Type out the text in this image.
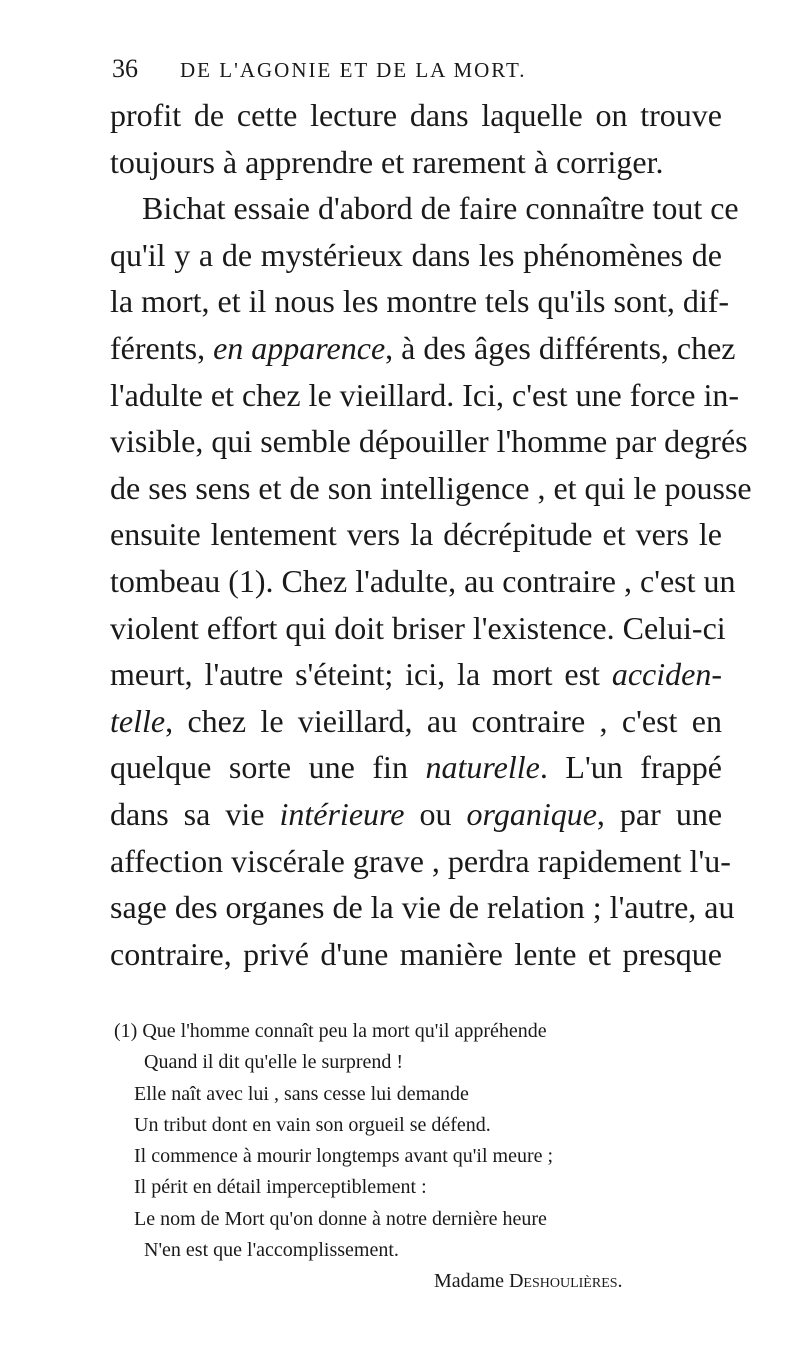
36 DE L'AGONIE ET DE LA MORT.
profit de cette lecture dans laquelle on trouve
toujours à apprendre et rarement à corriger.
Bichat essaie d'abord de faire connaître tout ce
qu'il y a de mystérieux dans les phénomènes de
la mort, et il nous les montre tels qu'ils sont, dif-
férents, en apparence, à des âges différents, chez
l'adulte et chez le vieillard. Ici, c'est une force in-
visible, qui semble dépouiller l'homme par degrés
de ses sens et de son intelligence , et qui le pousse
ensuite lentement vers la décrépitude et vers le
tombeau (1). Chez l'adulte, au contraire , c'est un
violent effort qui doit briser l'existence. Celui-ci
meurt, l'autre s'éteint; ici, la mort est acciden-
telle, chez le vieillard, au contraire , c'est en
quelque sorte une fin naturelle. L'un frappé
dans sa vie intérieure ou organique, par une
affection viscérale grave , perdra rapidement l'u-
sage des organes de la vie de relation ; l'autre, au
contraire, privé d'une manière lente et presque
(1) Que l'homme connaît peu la mort qu'il appréhende
Quand il dit qu'elle le surprend !
Elle naît avec lui , sans cesse lui demande
Un tribut dont en vain son orgueil se défend.
Il commence à mourir longtemps avant qu'il meure ;
Il périt en détail imperceptiblement :
Le nom de Mort qu'on donne à notre dernière heure
N'en est que l'accomplissement.
Madame Deshoulières.
